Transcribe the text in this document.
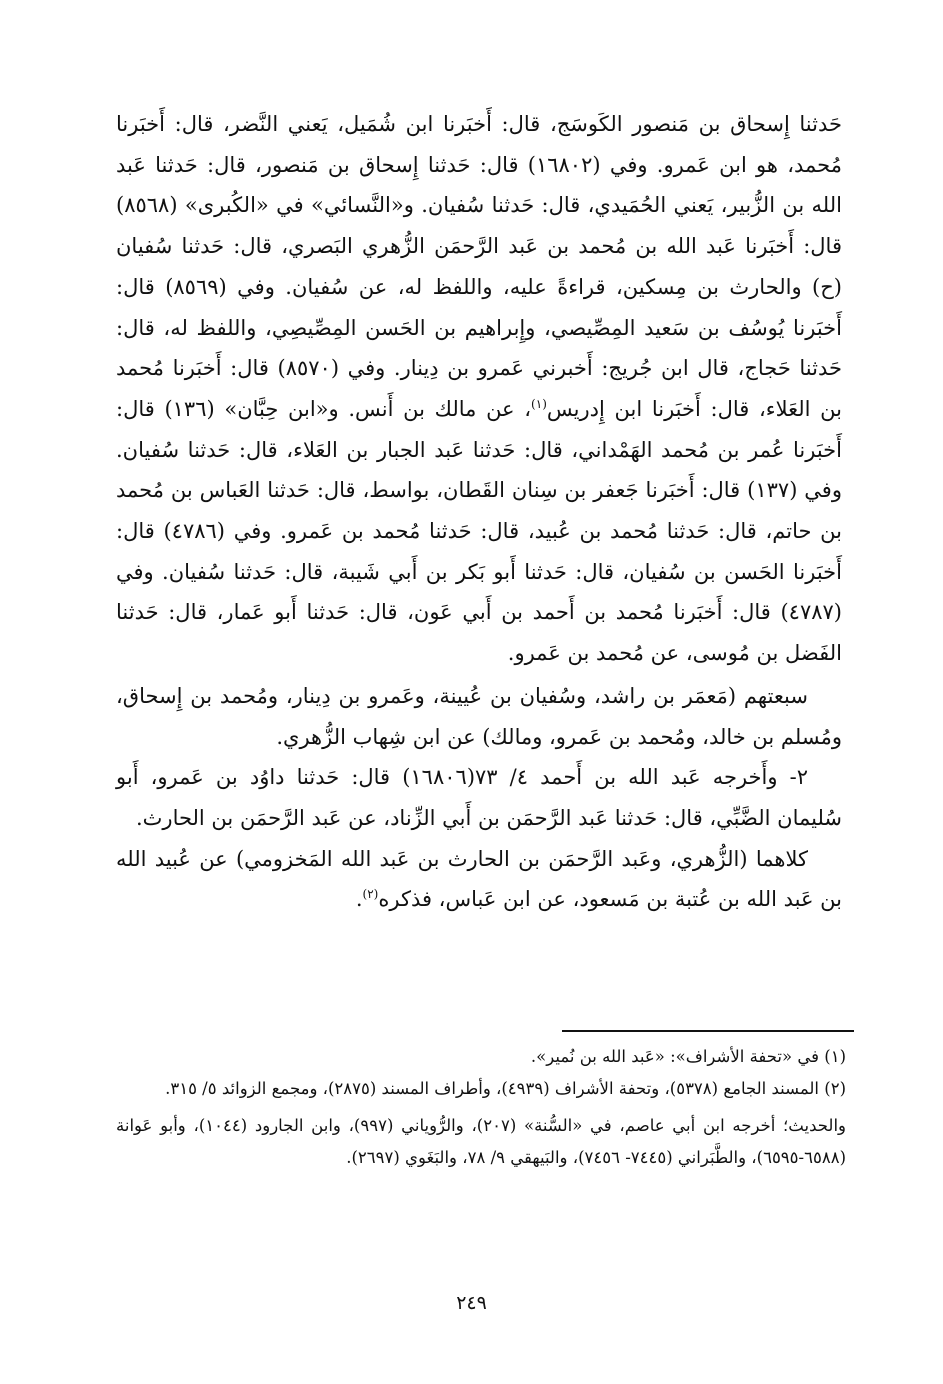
حَدثنا إِسحاق بن مَنصور الكَوسَج، قال: أَخبَرنا ابن شُمَيل، يَعني النَّضر، قال: أَخبَرنا مُحمد، هو ابن عَمرو. وفي (١٦٨٠٢) قال: حَدثنا إِسحاق بن مَنصور، قال: حَدثنا عَبد الله بن الزُّبير، يَعني الحُمَيدي، قال: حَدثنا سُفيان. و«النَّسائي» في «الكُبرى» (٨٥٦٨) قال: أَخبَرنا عَبد الله بن مُحمد بن عَبد الرَّحمَن الزُّهري البَصري، قال: حَدثنا سُفيان (ح) والحارث بن مِسكين، قراءةً عليه، واللفظ له، عن سُفيان. وفي (٨٥٦٩) قال: أَخبَرنا يُوسُف بن سَعيد المِصِّيصي، وإِبراهيم بن الحَسن المِصِّيصِي، واللفظ له، قال: حَدثنا حَجاج، قال ابن جُريج: أَخبرني عَمرو بن دِينار. وفي (٨٥٧٠) قال: أَخبَرنا مُحمد بن العَلاء، قال: أَخبَرنا ابن إِدريس$^{(١)}$، عن مالك بن أَنس. و«ابن حِبَّان» (١٣٦) قال: أَخبَرنا عُمر بن مُحمد الهَمْداني، قال: حَدثنا عَبد الجبار بن العَلاء، قال: حَدثنا سُفيان. وفي (١٣٧) قال: أَخبَرنا جَعفر بن سِنان القَطان، بواسط، قال: حَدثنا العَباس بن مُحمد بن حاتم، قال: حَدثنا مُحمد بن عُبيد، قال: حَدثنا مُحمد بن عَمرو. وفي (٤٧٨٦) قال: أَخبَرنا الحَسن بن سُفيان، قال: حَدثنا أَبو بَكر بن أَبي شَيبة، قال: حَدثنا سُفيان. وفي (٤٧٨٧) قال: أَخبَرنا مُحمد بن أَحمد بن أَبي عَون، قال: حَدثنا أَبو عَمار، قال: حَدثنا الفَضل بن مُوسى، عن مُحمد بن عَمرو.

سبعتهم (مَعمَر بن راشد، وسُفيان بن عُيينة، وعَمرو بن دِينار، ومُحمد بن إِسحاق، ومُسلم بن خالد، ومُحمد بن عَمرو، ومالك) عن ابن شِهاب الزُّهري.

٢- وأَخرجه عَبد الله بن أَحمد ٤/ ٧٣(١٦٨٠٦) قال: حَدثنا داوُد بن عَمرو، أَبو سُليمان الضَّبِّي، قال: حَدثنا عَبد الرَّحمَن بن أَبي الزِّناد، عن عَبد الرَّحمَن بن الحارث.

كلاهما (الزُّهري، وعَبد الرَّحمَن بن الحارث بن عَبد الله المَخزومي) عن عُبيد الله بن عَبد الله بن عُتبة بن مَسعود، عن ابن عَباس، فذكره$^{(٢)}$.

(١) في «تحفة الأشراف»: «عَبد الله بن نُمير».

(٢) المسند الجامع (٥٣٧٨)، وتحفة الأشراف (٤٩٣٩)، وأطراف المسند (٢٨٧٥)، ومجمع الزوائد ٥/ ٣١٥.

والحديث؛ أخرجه ابن أبي عاصم، في «السُّنة» (٢٠٧)، والرُّوياني (٩٩٧)، وابن الجارود (١٠٤٤)، وأبو عَوانة (٦٥٨٨-٦٥٩٥)، والطَّبَراني (٧٤٤٥- ٧٤٥٦)، والبَيهقي ٩/ ٧٨، والبَغَوي (٢٦٩٧).

٢٤٩
